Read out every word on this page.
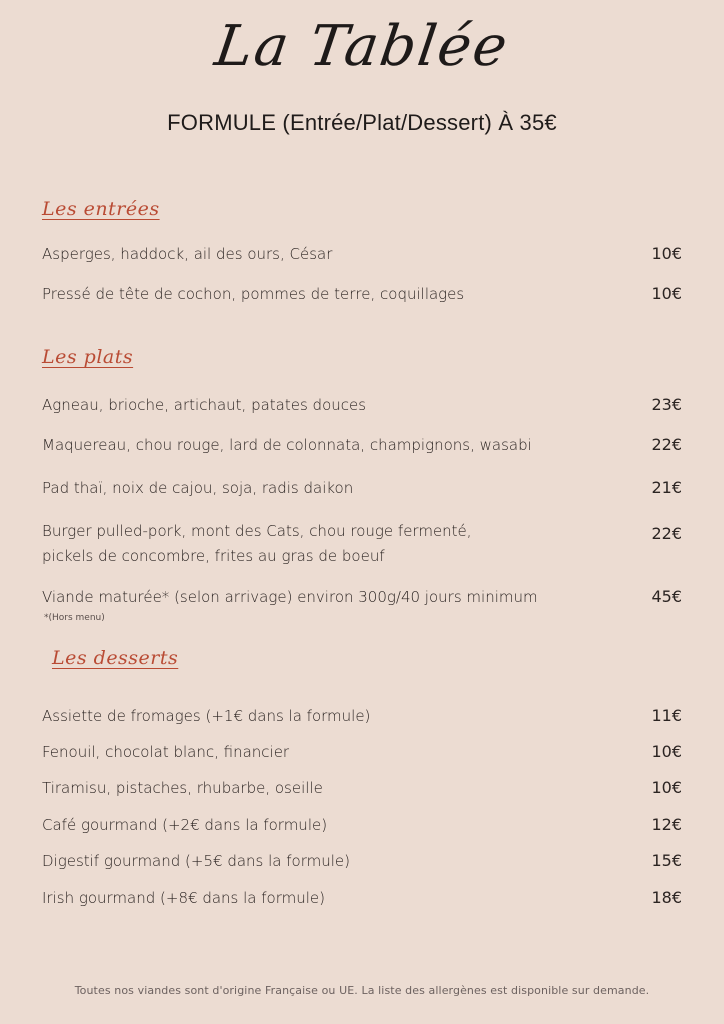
La Tablée
FORMULE (Entrée/Plat/Dessert) À 35€
Les entrées
Asperges, haddock, ail des ours, César	10€
Pressé de tête de cochon, pommes de terre, coquillages	10€
Les plats
Agneau, brioche, artichaut, patates douces	23€
Maquereau, chou rouge, lard de colonnata, champignons, wasabi	22€
Pad thaï, noix de cajou, soja, radis daikon	21€
Burger pulled-pork, mont des Cats, chou rouge fermenté,
pickels de concombre, frites au gras de boeuf
22€
Viande maturée* (selon arrivage) environ 300g/40 jours minimum	45€
*(Hors menu)
Les desserts
Assiette de fromages (+1€ dans la formule)	11€
Fenouil, chocolat blanc, financier	10€
Tiramisu, pistaches, rhubarbe, oseille	10€
Café gourmand (+2€ dans la formule)	12€
Digestif gourmand (+5€ dans la formule)	15€
Irish gourmand (+8€ dans la formule)	18€
Toutes nos viandes sont d'origine Française ou UE. La liste des allergènes est disponible sur demande.
